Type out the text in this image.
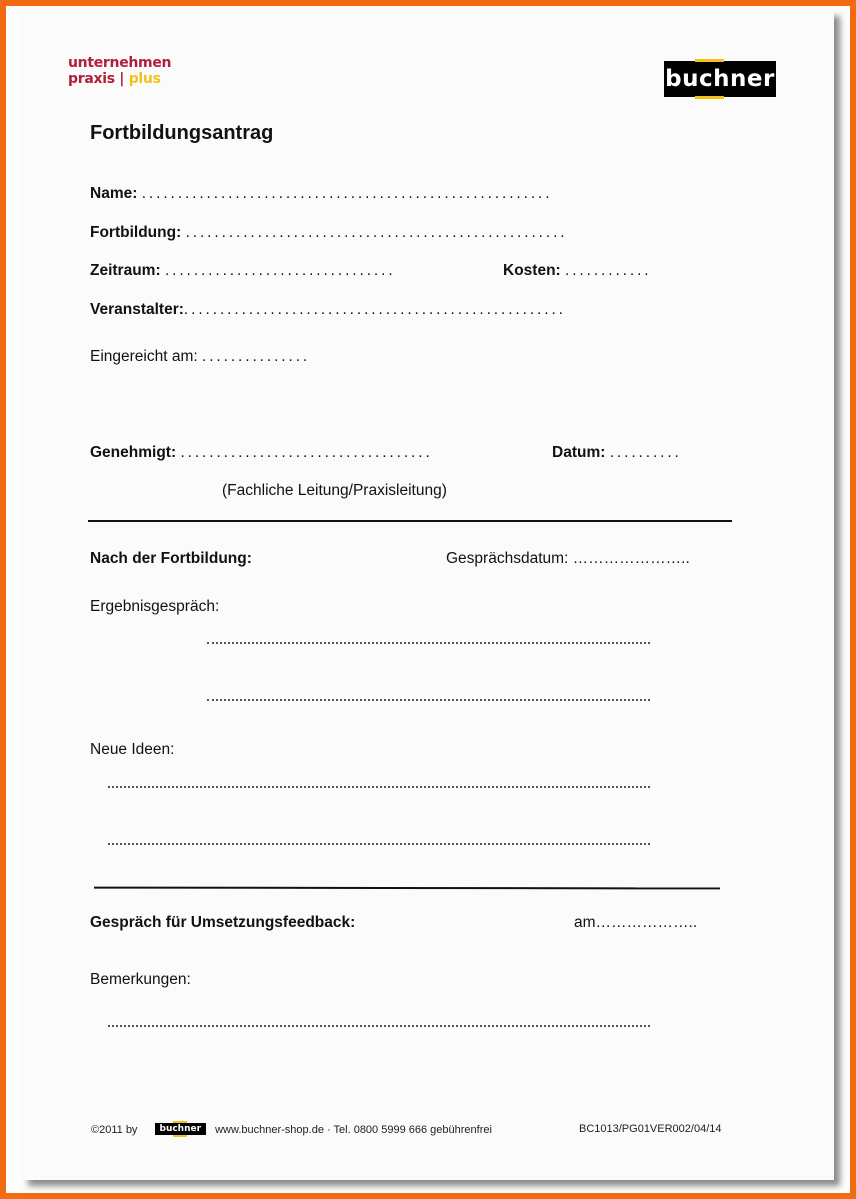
unternehmen
praxis | plus	buchner
Fortbildungsantrag
Name: .........................................................
Fortbildung: .....................................................
Zeitraum: ................................	Kosten: ............
Veranstalter:.....................................................
Eingereicht am: ...............
Genehmigt: ...................................	Datum: ..........
(Fachliche Leitung/Praxisleitung)
Nach der Fortbildung:	Gesprächsdatum: …………………..
Ergebnisgespräch:
Neue Ideen:
Gespräch für Umsetzungsfeedback:	am………………..
Bemerkungen:
©2011 by buchner www.buchner-shop.de · Tel. 0800 5999 666 gebührenfrei	BC1013/PG01VER002/04/14
